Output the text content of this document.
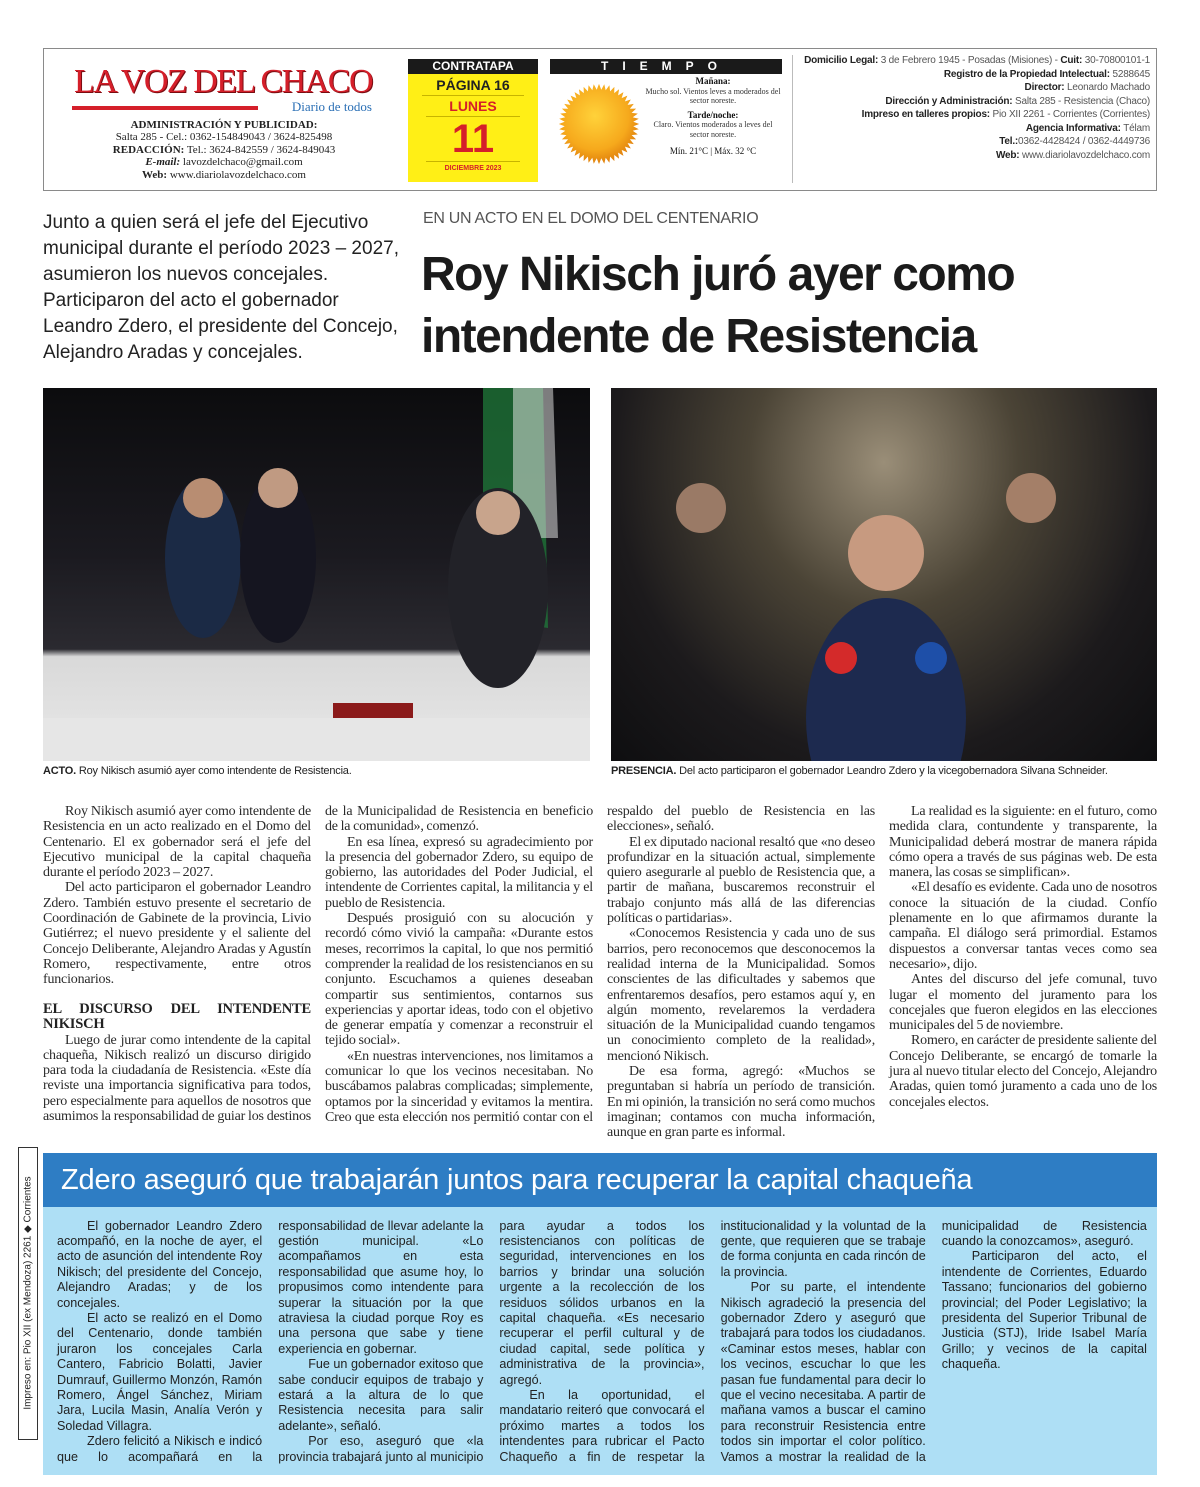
LA VOZ DEL CHACO
Diario de todos
ADMINISTRACIÓN Y PUBLICIDAD:
Salta 285 - Cel.: 0362-154849043 / 3624-825498
REDACCIÓN: Tel.: 3624-842559 / 3624-849043
E-mail: lavozdelchaco@gmail.com
Web: www.diariolavozdelchaco.com
CONTRATAPA
PÁGINA 16
LUNES
11
DICIEMBRE 2023
TIEMPO
Mañana:
Mucho sol. Vientos leves a moderados del sector noreste.
Tarde/noche:
Claro. Vientos moderados a leves del sector noreste.
Mín. 21°C | Máx. 32 °C
Domicilio Legal: 3 de Febrero 1945 - Posadas (Misiones) - Cuit: 30-70800101-1
Registro de la Propiedad Intelectual: 5288645
Director: Leonardo Machado
Dirección y Administración: Salta 285 - Resistencia (Chaco)
Impreso en talleres propios: Pio XII 2261 - Corrientes (Corrientes)
Agencia Informativa: Télam
Tel.:0362-4428424 / 0362-4449736
Web: www.diariolavozdelchaco.com
Junto a quien será el jefe del Ejecutivo municipal durante el período 2023 – 2027, asumieron los nuevos concejales. Participaron del acto el gobernador Leandro Zdero, el presidente del Concejo, Alejandro Aradas y concejales.
EN UN ACTO EN EL DOMO DEL CENTENARIO
Roy Nikisch juró ayer como intendente de Resistencia
ACTO. Roy Nikisch asumió ayer como intendente de Resistencia.	PRESENCIA. Del acto participaron el gobernador Leandro Zdero y la vicegobernadora Silvana Schneider.

Roy Nikisch asumió ayer como intendente de Resistencia en un acto realizado en el Domo del Centenario. El ex gobernador será el jefe del Ejecutivo municipal de la capital chaqueña durante el período 2023 – 2027.

Del acto participaron el gobernador Leandro Zdero. También estuvo presente el secretario de Coordinación de Gabinete de la provincia, Livio Gutiérrez; el nuevo presidente y el saliente del Concejo Deliberante, Alejandro Aradas y Agustín Romero, respectivamente, entre otros funcionarios.

EL DISCURSO DEL INTENDENTE NIKISCH

Luego de jurar como intendente de la capital chaqueña, Nikisch realizó un discurso dirigido para toda la ciudadanía de Resistencia. «Este día reviste una importancia significativa para todos, pero especialmente para aquellos de nosotros que asumimos la responsabilidad de guiar los destinos de la Municipalidad de Resistencia en beneficio de la comunidad», comenzó.

En esa línea, expresó su agradecimiento por la presencia del gobernador Zdero, su equipo de gobierno, las autoridades del Poder Judicial, el intendente de Corrientes capital, la militancia y el pueblo de Resistencia.

Después prosiguió con su alocución y recordó cómo vivió la campaña: «Durante estos meses, recorrimos la capital, lo que nos permitió comprender la realidad de los resistencianos en su conjunto. Escuchamos a quienes deseaban compartir sus sentimientos, contarnos sus experiencias y aportar ideas, todo con el objetivo de generar empatía y comenzar a reconstruir el tejido social».

«En nuestras intervenciones, nos limitamos a comunicar lo que los vecinos necesitaban. No buscábamos palabras complicadas; simplemente, optamos por la sinceridad y evitamos la mentira. Creo que esta elección nos permitió contar con el respaldo del pueblo de Resistencia en las elecciones», señaló.

El ex diputado nacional resaltó que «no deseo profundizar en la situación actual, simplemente quiero asegurarle al pueblo de Resistencia que, a partir de mañana, buscaremos reconstruir el trabajo conjunto más allá de las diferencias políticas o partidarias».

«Conocemos Resistencia y cada uno de sus barrios, pero reconocemos que desconocemos la realidad interna de la Municipalidad. Somos conscientes de las dificultades y sabemos que enfrentaremos desafíos, pero estamos aquí y, en algún momento, revelaremos la verdadera situación de la Municipalidad cuando tengamos un conocimiento completo de la realidad», mencionó Nikisch.

De esa forma, agregó: «Muchos se preguntaban si habría un período de transición. En mi opinión, la transición no será como muchos imaginan; contamos con mucha información, aunque en gran parte es informal.

La realidad es la siguiente: en el futuro, como medida clara, contundente y transparente, la Municipalidad deberá mostrar de manera rápida cómo opera a través de sus páginas web. De esta manera, las cosas se simplifican».

«El desafío es evidente. Cada uno de nosotros conoce la situación de la ciudad. Confío plenamente en lo que afirmamos durante la campaña. El diálogo será primordial. Estamos dispuestos a conversar tantas veces como sea necesario», dijo.

Antes del discurso del jefe comunal, tuvo lugar el momento del juramento para los concejales que fueron elegidos en las elecciones municipales del 5 de noviembre.

Romero, en carácter de presidente saliente del Concejo Deliberante, se encargó de tomarle la jura al nuevo titular electo del Concejo, Alejandro Aradas, quien tomó juramento a cada uno de los concejales electos.

Impreso en: Pio XII (ex Mendoza) 2261 ◆ Corrientes Zdero aseguró que trabajarán juntos para recuperar la capital chaqueña

El gobernador Leandro Zdero acompañó, en la noche de ayer, el acto de asunción del intendente Roy Nikisch; del presidente del Concejo, Alejandro Aradas; y de los concejales.

El acto se realizó en el Domo del Centenario, donde también juraron los concejales Carla Cantero, Fabricio Bolatti, Javier Dumrauf, Guillermo Monzón, Ramón Romero, Ángel Sánchez, Miriam Jara, Lucila Masin, Analía Verón y Soledad Villagra.

Zdero felicitó a Nikisch e indicó que lo acompañará en la responsabilidad de llevar adelante la gestión municipal. «Lo acompañamos en esta responsabilidad que asume hoy, lo propusimos como intendente para superar la situación por la que atraviesa la ciudad porque Roy es una persona que sabe y tiene experiencia en gobernar.

Fue un gobernador exitoso que sabe conducir equipos de trabajo y estará a la altura de lo que Resistencia necesita para salir adelante», señaló.

Por eso, aseguró que «la provincia trabajará junto al municipio para ayudar a todos los resistencianos con políticas de seguridad, intervenciones en los barrios y brindar una solución urgente a la recolección de los residuos sólidos urbanos en la capital chaqueña. «Es necesario recuperar el perfil cultural y de ciudad capital, sede política y administrativa de la provincia», agregó.

En la oportunidad, el mandatario reiteró que convocará el próximo martes a todos los intendentes para rubricar el Pacto Chaqueño a fin de respetar la institucionalidad y la voluntad de la gente, que requieren que se trabaje de forma conjunta en cada rincón de la provincia.

Por su parte, el intendente Nikisch agradeció la presencia del gobernador Zdero y aseguró que trabajará para todos los ciudadanos. «Caminar estos meses, hablar con los vecinos, escuchar lo que les pasan fue fundamental para decir lo que el vecino necesitaba. A partir de mañana vamos a buscar el camino para reconstruir Resistencia entre todos sin importar el color político. Vamos a mostrar la realidad de la municipalidad de Resistencia cuando la conozcamos», aseguró.

Participaron del acto, el intendente de Corrientes, Eduardo Tassano; funcionarios del gobierno provincial; del Poder Legislativo; la presidenta del Superior Tribunal de Justicia (STJ), Iride Isabel María Grillo; y vecinos de la capital chaqueña.
